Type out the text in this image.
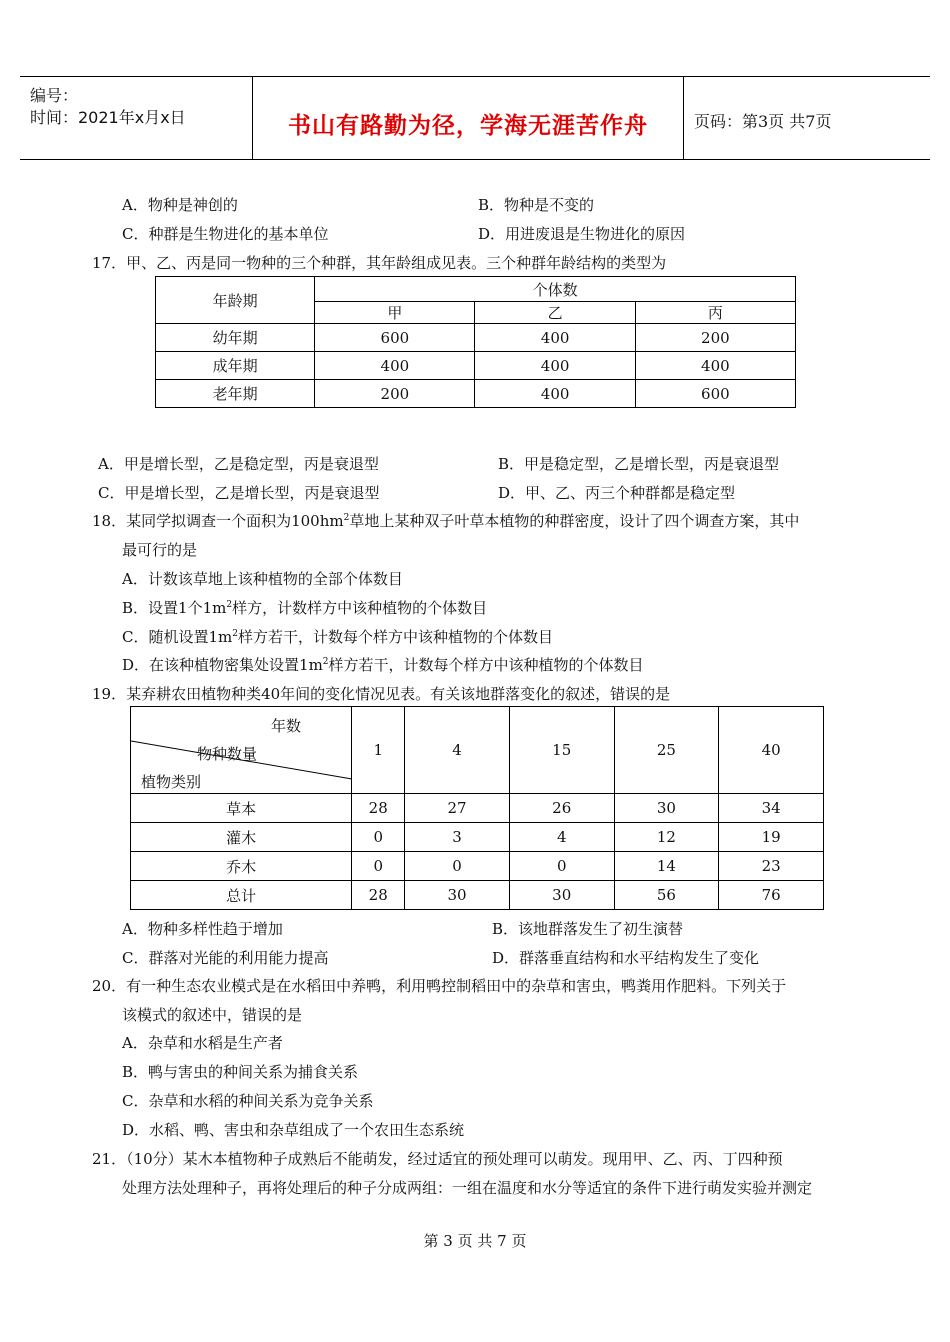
编号：
时间：2021年x月x日	书山有路勤为径，学海无涯苦作舟	页码：第3页 共7页
A．物种是神创的	B．物种是不变的
C．种群是生物进化的基本单位	D．用进废退是生物进化的原因
17．甲、乙、丙是同一物种的三个种群，其年龄组成见表。三个种群年龄结构的类型为
年龄期	个体数		
	甲	乙	丙
幼年期	600	400	200
成年期	400	400	400
老年期	200	400	600
A．甲是增长型，乙是稳定型，丙是衰退型	B．甲是稳定型，乙是增长型，丙是衰退型
C．甲是增长型，乙是增长型，丙是衰退型	D．甲、乙、丙三个种群都是稳定型
18．某同学拟调查一个面积为$100hm^2$草地上某种双子叶草本植物的种群密度，设计了四个调查方案，其中
最可行的是
A．计数该草地上该种植物的全部个体数目
B．设置1个$1m^2$样方，计数样方中该种植物的个体数目
C．随机设置$1m^2$样方若干，计数每个样方中该种植物的个体数目
D．在该种植物密集处设置$1m^2$样方若干，计数每个样方中该种植物的个体数目
19．某弃耕农田植物种类40年间的变化情况见表。有关该地群落变化的叙述，错误的是
年数
物种数量
植物类别	1	4	15	25	40
草本	28	27	26	30	34
灌木	0	3	4	12	19
乔木	0	0	0	14	23
总计	28	30	30	56	76
A．物种多样性趋于增加	B．该地群落发生了初生演替
C．群落对光能的利用能力提高	D．群落垂直结构和水平结构发生了变化
20．有一种生态农业模式是在水稻田中养鸭，利用鸭控制稻田中的杂草和害虫，鸭粪用作肥料。下列关于
该模式的叙述中，错误的是
A．杂草和水稻是生产者
B．鸭与害虫的种间关系为捕食关系
C．杂草和水稻的种间关系为竞争关系
D．水稻、鸭、害虫和杂草组成了一个农田生态系统
21．（10分）某木本植物种子成熟后不能萌发，经过适宜的预处理可以萌发。现用甲、乙、丙、丁四种预
处理方法处理种子，再将处理后的种子分成两组：一组在温度和水分等适宜的条件下进行萌发实验并测定
第 3 页 共 7 页
